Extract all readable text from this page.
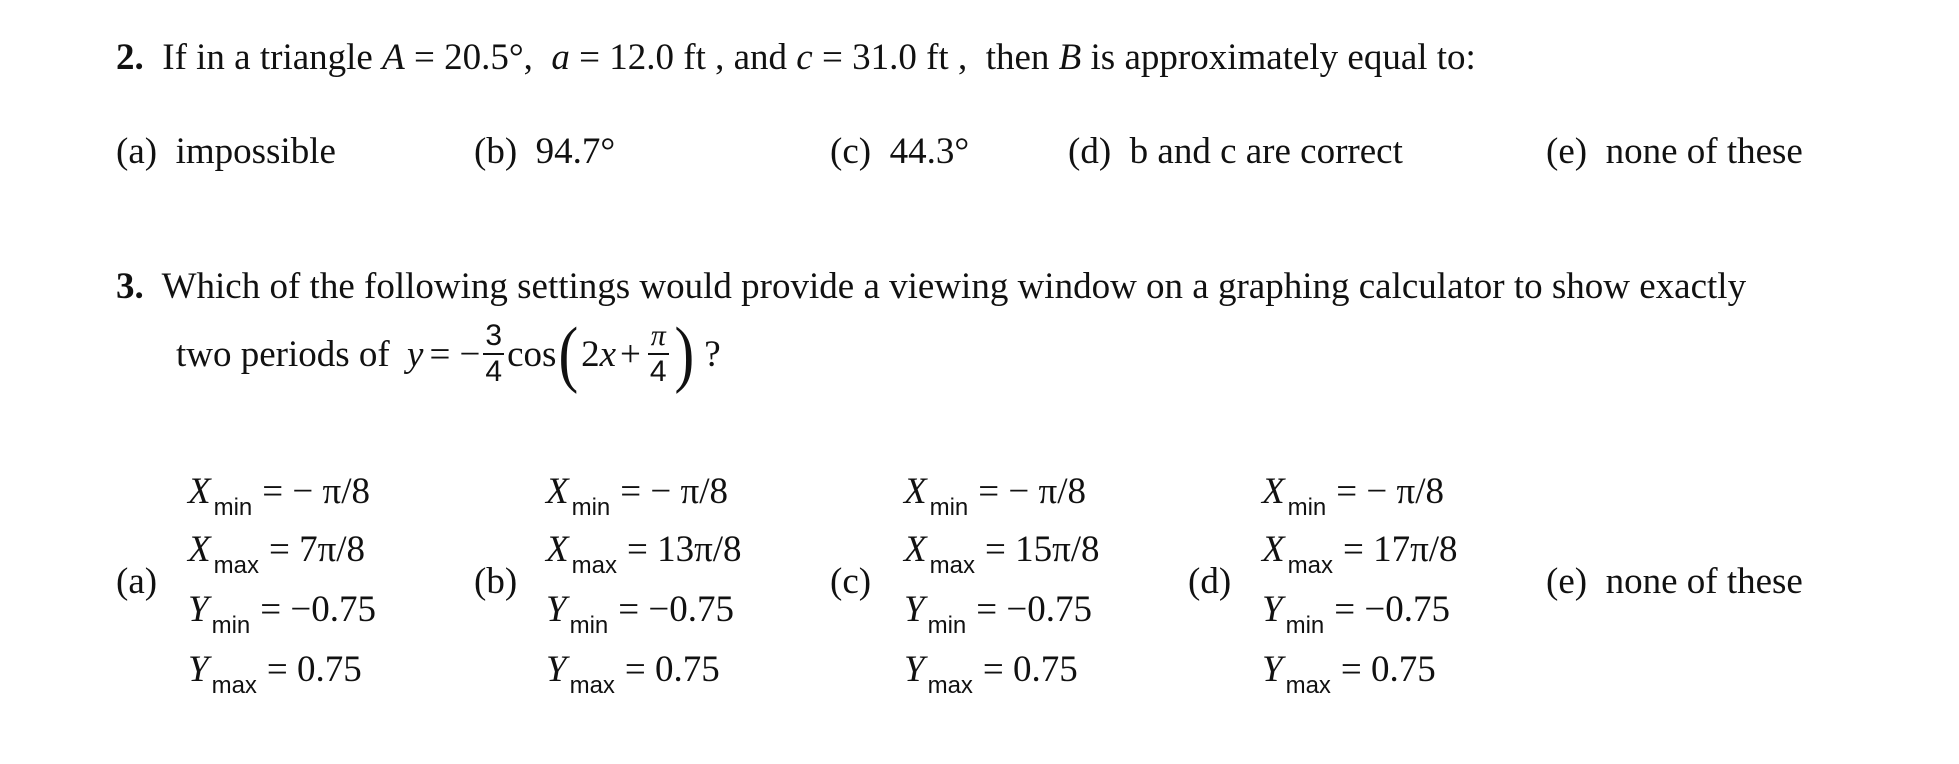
2. If in a triangle A = 20.5°, a = 12.0 ft , and c = 31.0 ft , then B is approximately equal to:
(a) impossible	(b) 94.7°	(c) 44.3°	(d) b and c are correct	(e) none of these
3. Which of the following settings would provide a viewing window on a graphing calculator to show exactly
two periods of
y = − $\frac{3}{4}$ cos ( 2 $x + \frac{\pi}{4}$ ) ?
(a)
X $_{min}$ = − π/8
X $_{max}$ = 7π/8
Y $_{min}$ = −0.75
Y $_{max}$ = 0.75
(b)
X $_{min}$ = − π/8
X $_{max}$ = 13π/8
Y $_{min}$ = −0.75
Y $_{max}$ = 0.75
(c)
X $_{min}$ = − π/8
X $_{max}$ = 15π/8
Y $_{min}$ = −0.75
Y $_{max}$ = 0.75
(d)
X $_{min}$ = − π/8
X $_{max}$ = 17π/8
Y $_{min}$ = −0.75
Y $_{max}$ = 0.75
(e) none of these
